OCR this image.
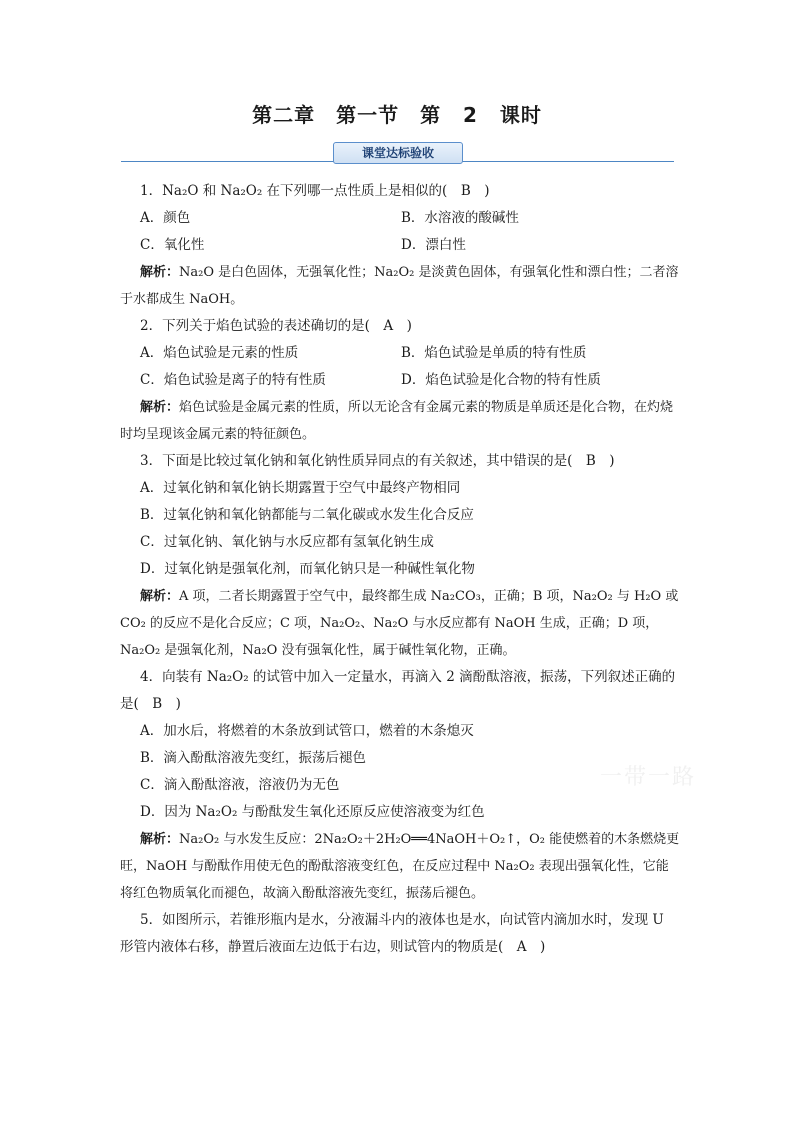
第二章　第一节　第 2 课时
课堂达标验收

1．Na₂O 和 Na₂O₂ 在下列哪一点性质上是相似的(　B　)

A．颜色	B．水溶液的酸碱性

C．氧化性	D．漂白性

解析：Na₂O 是白色固体，无强氧化性；Na₂O₂ 是淡黄色固体，有强氧化性和漂白性；二者溶于水都成生 NaOH。

2．下列关于焰色试验的表述确切的是(　A　)

A．焰色试验是元素的性质	B．焰色试验是单质的特有性质

C．焰色试验是离子的特有性质	D．焰色试验是化合物的特有性质

解析：焰色试验是金属元素的性质，所以无论含有金属元素的物质是单质还是化合物，在灼烧时均呈现该金属元素的特征颜色。

3．下面是比较过氧化钠和氧化钠性质异同点的有关叙述，其中错误的是(　B　)

A．过氧化钠和氧化钠长期露置于空气中最终产物相同

B．过氧化钠和氧化钠都能与二氧化碳或水发生化合反应

C．过氧化钠、氧化钠与水反应都有氢氧化钠生成

D．过氧化钠是强氧化剂，而氧化钠只是一种碱性氧化物

解析：A 项，二者长期露置于空气中，最终都生成 Na₂CO₃，正确；B 项，Na₂O₂ 与 H₂O 或 CO₂ 的反应不是化合反应；C 项，Na₂O₂、Na₂O 与水反应都有 NaOH 生成，正确；D 项，Na₂O₂ 是强氧化剂，Na₂O 没有强氧化性，属于碱性氧化物，正确。

4．向装有 Na₂O₂ 的试管中加入一定量水，再滴入 2 滴酚酞溶液，振荡，下列叙述正确的是(　B　)

A．加水后，将燃着的木条放到试管口，燃着的木条熄灭

B．滴入酚酞溶液先变红，振荡后褪色

C．滴入酚酞溶液，溶液仍为无色

D．因为 Na₂O₂ 与酚酞发生氧化还原反应使溶液变为红色

解析：Na₂O₂ 与水发生反应：2Na₂O₂＋2H₂O══4NaOH＋O₂↑，O₂ 能使燃着的木条燃烧更旺，NaOH 与酚酞作用使无色的酚酞溶液变红色，在反应过程中 Na₂O₂ 表现出强氧化性，它能将红色物质氧化而褪色，故滴入酚酞溶液先变红，振荡后褪色。

5．如图所示，若锥形瓶内是水，分液漏斗内的液体也是水，向试管内滴加水时，发现 U 形管内液体右移，静置后液面左边低于右边，则试管内的物质是(　A　)

一带一路
